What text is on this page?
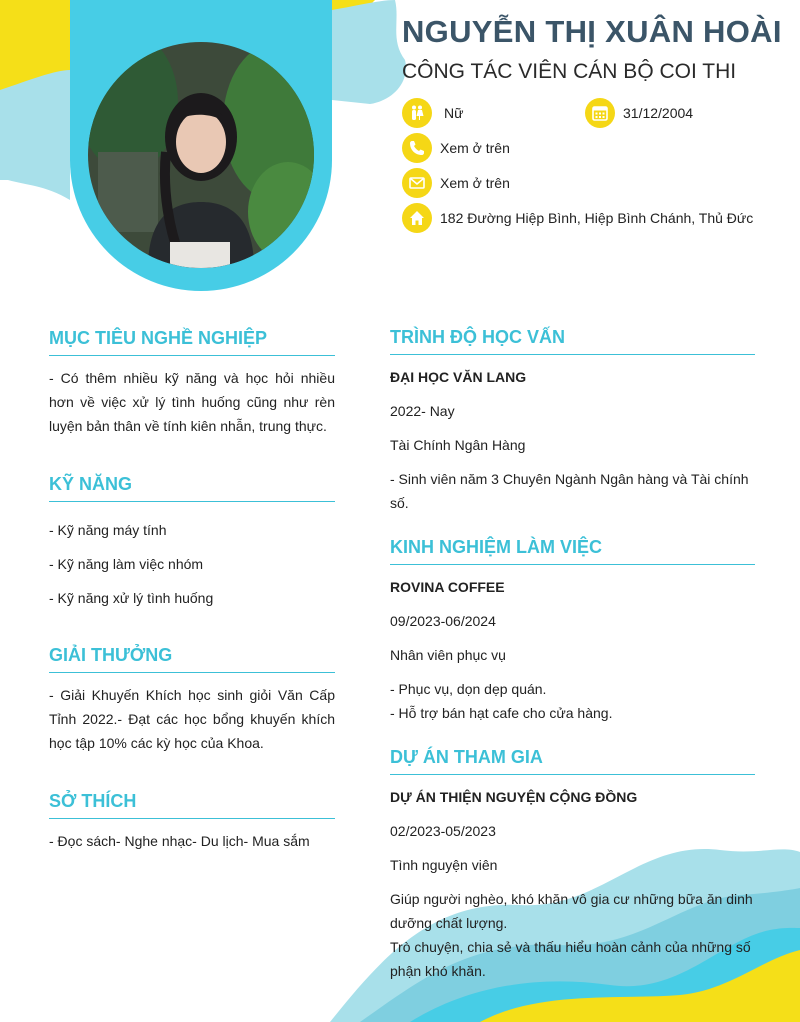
NGUYỄN THỊ XUÂN HOÀI
CÔNG TÁC VIÊN CÁN BỘ COI THI
Nữ	31/12/2004
Xem ở trên
Xem ở trên
182 Đường Hiệp Bình, Hiệp Bình Chánh, Thủ Đức
MỤC TIÊU NGHỀ NGHIỆP

- Có thêm nhiều kỹ năng và học hỏi nhiều hơn về việc xử lý tình huống cũng như rèn luyện bản thân về tính kiên nhẫn, trung thực.

KỸ NĂNG

- Kỹ năng máy tính

- Kỹ năng làm việc nhóm

- Kỹ năng xử lý tình huống

GIẢI THƯỞNG

- Giải Khuyến Khích học sinh giỏi Văn Cấp Tỉnh 2022.- Đạt các học bổng khuyến khích học tập 10% các kỳ học của Khoa.

SỞ THÍCH

- Đọc sách- Nghe nhạc- Du lịch- Mua sắm

TRÌNH ĐỘ HỌC VẤN

ĐẠI HỌC VĂN LANG

2022- Nay

Tài Chính Ngân Hàng

- Sinh viên năm 3 Chuyên Ngành Ngân hàng và Tài chính số.

KINH NGHIỆM LÀM VIỆC

ROVINA COFFEE

09/2023-06/2024

Nhân viên phục vụ

- Phục vụ, dọn dẹp quán.

- Hỗ trợ bán hạt cafe cho cửa hàng.

DỰ ÁN THAM GIA

DỰ ÁN THIỆN NGUYỆN CỘNG ĐỒNG

02/2023-05/2023

Tình nguyện viên

Giúp người nghèo, khó khăn vô gia cư những bữa ăn dinh dưỡng chất lượng.

Trò chuyện, chia sẻ và thấu hiểu hoàn cảnh của những số phận khó khăn.
